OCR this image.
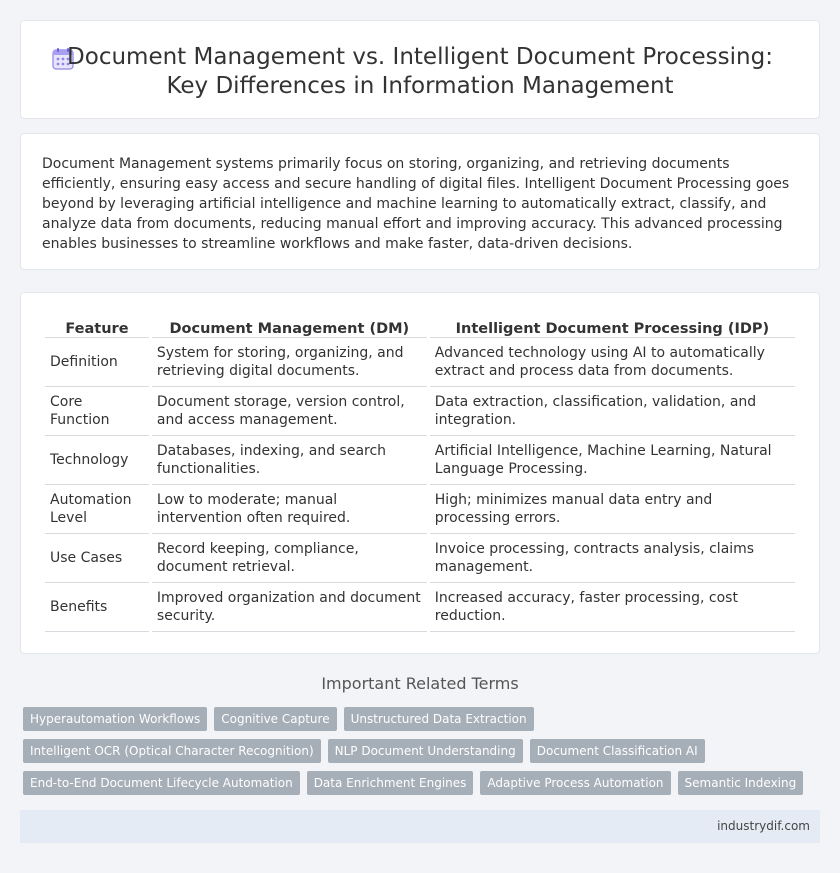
Document Management vs. Intelligent Document Processing: Key Differences in Information Management

Document Management systems primarily focus on storing, organizing, and retrieving documents efficiently, ensuring easy access and secure handling of digital files. Intelligent Document Processing goes beyond by leveraging artificial intelligence and machine learning to automatically extract, classify, and analyze data from documents, reducing manual effort and improving accuracy. This advanced processing enables businesses to streamline workflows and make faster, data-driven decisions.

Feature	Document Management (DM)	Intelligent Document Processing (IDP)
Definition	System for storing, organizing, and retrieving digital documents.	Advanced technology using AI to automatically extract and process data from documents.
Core Function	Document storage, version control, and access management.	Data extraction, classification, validation, and integration.
Technology	Databases, indexing, and search functionalities.	Artificial Intelligence, Machine Learning, Natural Language Processing.
Automation Level	Low to moderate; manual intervention often required.	High; minimizes manual data entry and processing errors.
Use Cases	Record keeping, compliance, document retrieval.	Invoice processing, contracts analysis, claims management.
Benefits	Improved organization and document security.	Increased accuracy, faster processing, cost reduction.
Important Related Terms
Hyperautomation Workflows	Cognitive Capture	Unstructured Data Extraction
Intelligent OCR (Optical Character Recognition)	NLP Document Understanding	Document Classification AI
End-to-End Document Lifecycle Automation	Data Enrichment Engines	Adaptive Process Automation	Semantic Indexing
industrydif.com
